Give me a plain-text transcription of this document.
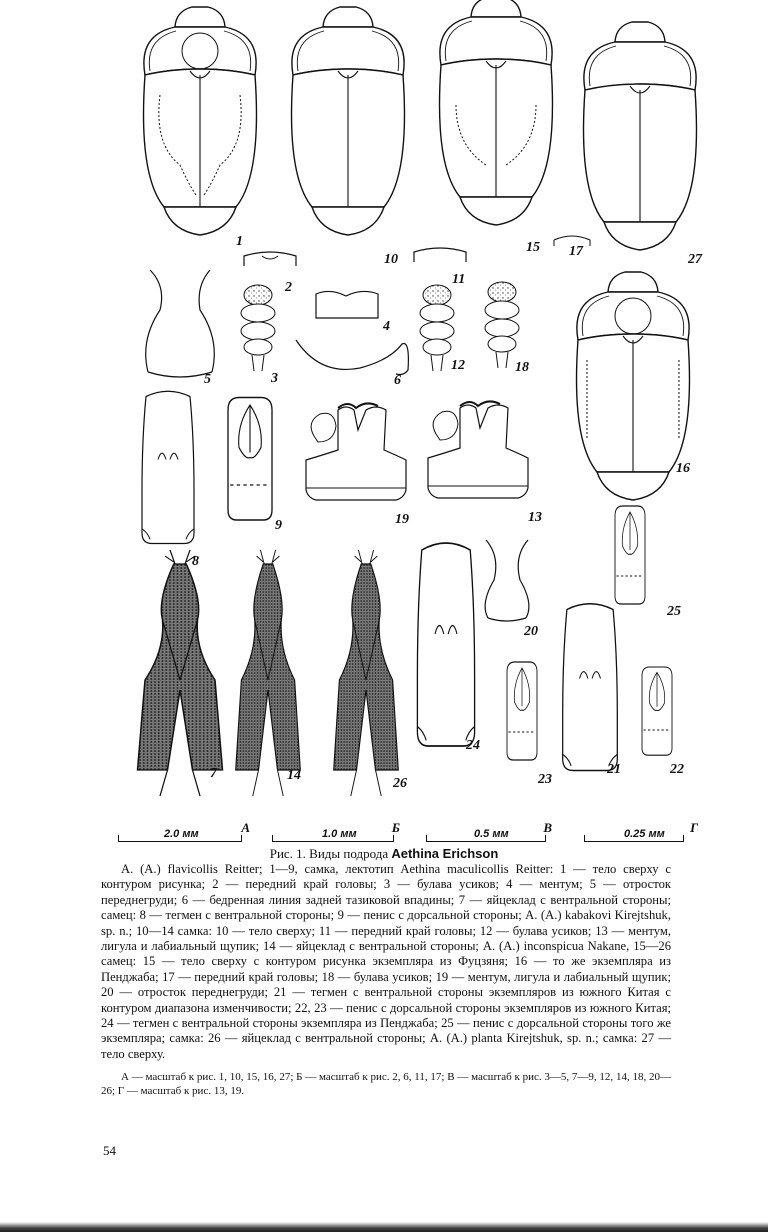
1
2
3
4
5	6
7
8
9
10
11
12
13
14
15
16
17
18
19
20
21	22
23
24
25
26
27
2.0 мм	А	1.0 мм	Б	0.5 мм	В	0.25 мм Г
Рис. 1. Виды подрода Aethina Erichson
A. (A.) flavicollis Reitter; 1—9, самка, лектотип Aethina maculicollis Reitter: 1 — тело сверху с контуром рисунка; 2 — передний край головы; 3 — булава усиков; 4 — ментум; 5 — отросток переднегруди; 6 — бедренная линия задней тазиковой впадины; 7 — яйцеклад с вентральной стороны; самец: 8 — тегмен с вентральной стороны; 9 — пенис с дорсальной стороны; A. (A.) kabakovi Kirejtshuk, sp. n.; 10—14 самка: 10 — тело сверху; 11 — передний край головы; 12 — булава усиков; 13 — ментум, лигула и лабиальный щупик; 14 — яйцеклад с вентральной стороны; A. (A.) inconspicua Nakane, 15—26 самец: 15 — тело сверху с контуром рисунка экземпляра из Фуцзяня; 16 — то же экземпляра из Пенджаба; 17 — передний край головы; 18 — булава усиков; 19 — ментум, лигула и лабиальный щупик; 20 — отросток переднегруди; 21 — тегмен с вентральной стороны экземпляров из южного Китая с контуром диапазона изменчивости; 22, 23 — пенис с дорсальной стороны экземпляров из южного Китая; 24 — тегмен с вентральной стороны экземпляра из Пенджаба; 25 — пенис с дорсальной стороны того же экземпляра; самка: 26 — яйцеклад с вентральной стороны; A. (A.) planta Kirejtshuk, sp. n.; самка: 27 — тело сверху.
А — масштаб к рис. 1, 10, 15, 16, 27; Б — масштаб к рис. 2, 6, 11, 17; В — масштаб к рис. 3—5, 7—9, 12, 14, 18, 20—26; Г — масштаб к рис. 13, 19.
54
